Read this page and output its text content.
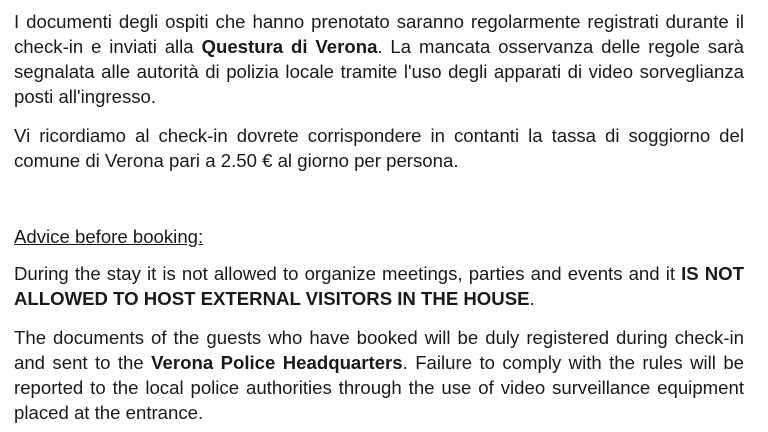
I documenti degli ospiti che hanno prenotato saranno regolarmente registrati durante il check-in e inviati alla Questura di Verona. La mancata osservanza delle regole sarà segnalata alle autorità di polizia locale tramite l'uso degli apparati di video sorveglianza posti all'ingresso.

Vi ricordiamo al check-in dovrete corrispondere in contanti la tassa di soggiorno del comune di Verona pari a 2.50 € al giorno per persona.

Advice before booking:

During the stay it is not allowed to organize meetings, parties and events and it IS NOT ALLOWED TO HOST EXTERNAL VISITORS IN THE HOUSE.

The documents of the guests who have booked will be duly registered during check-in and sent to the Verona Police Headquarters. Failure to comply with the rules will be reported to the local police authorities through the use of video surveillance equipment placed at the entrance.
